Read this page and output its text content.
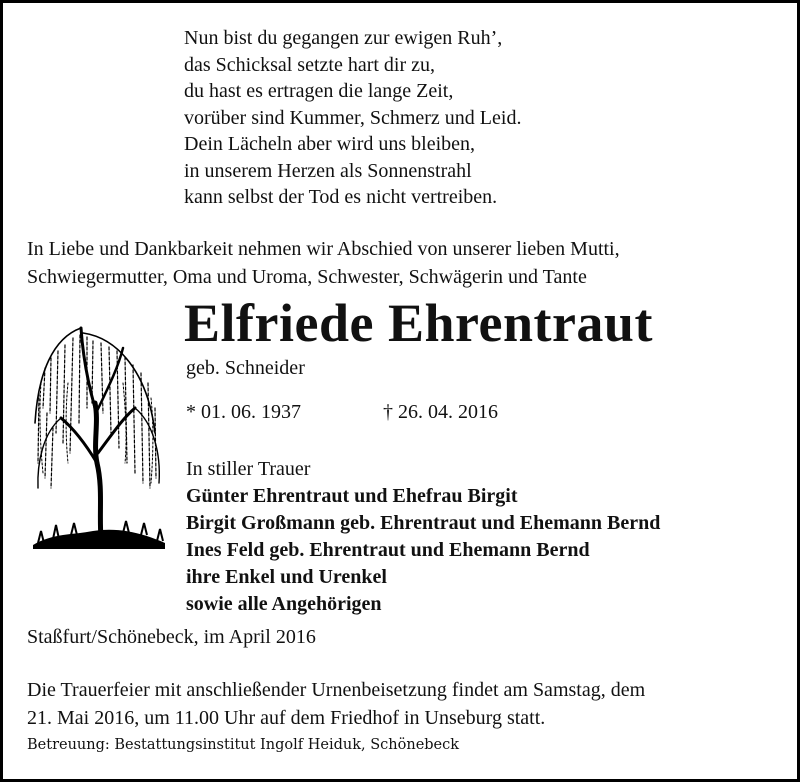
Nun bist du gegangen zur ewigen Ruh’,
das Schicksal setzte hart dir zu,
du hast es ertragen die lange Zeit,
vorüber sind Kummer, Schmerz und Leid.
Dein Lächeln aber wird uns bleiben,
in unserem Herzen als Sonnenstrahl
kann selbst der Tod es nicht vertreiben.
In Liebe und Dankbarkeit nehmen wir Abschied von unserer lieben Mutti,
Schwiegermutter, Oma und Uroma, Schwester, Schwägerin und Tante
Elfriede Ehrentraut
geb. Schneider
* 01. 06. 1937	† 26. 04. 2016
In stiller Trauer
Günter Ehrentraut und Ehefrau Birgit
Birgit Großmann geb. Ehrentraut und Ehemann Bernd
Ines Feld geb. Ehrentraut und Ehemann Bernd
ihre Enkel und Urenkel
sowie alle Angehörigen
Staßfurt/Schönebeck, im April 2016
Die Trauerfeier mit anschließender Urnenbeisetzung findet am Samstag, dem
21. Mai 2016, um 11.00 Uhr auf dem Friedhof in Unseburg statt.
Betreuung: Bestattungsinstitut Ingolf Heiduk, Schönebeck
